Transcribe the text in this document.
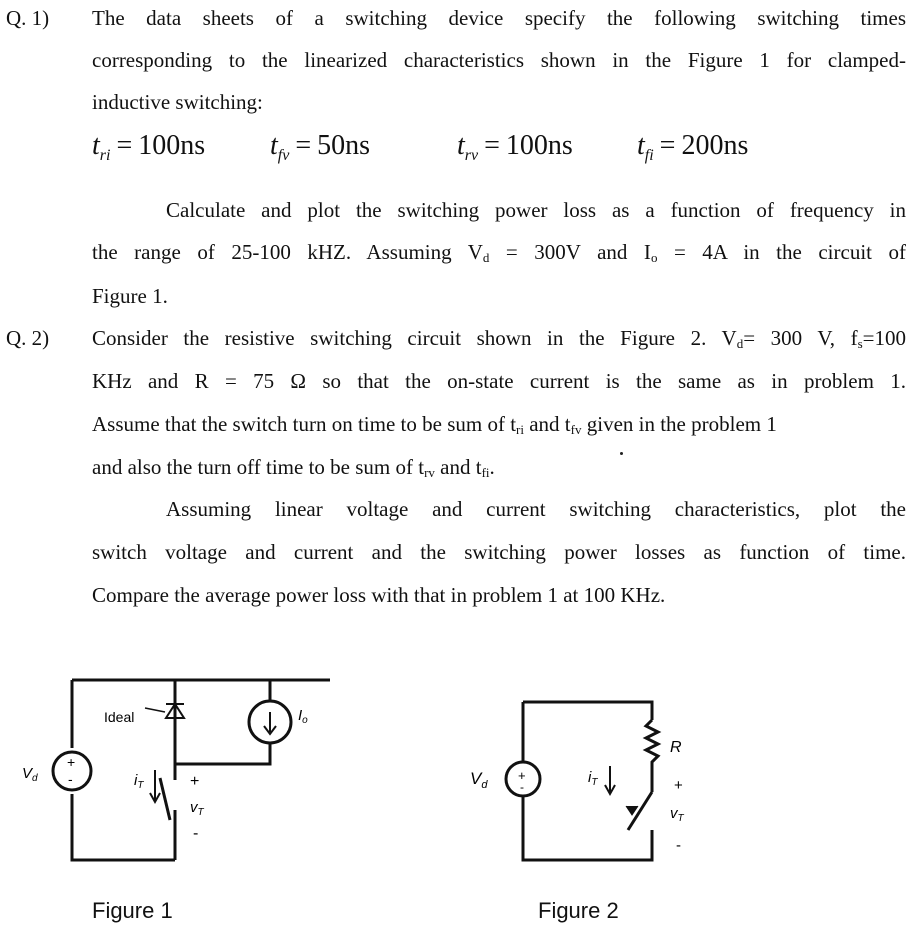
Q. 1) The data sheets of a switching device specify the following switching times
corresponding to the linearized characteristics shown in the Figure 1 for clamped-
inductive switching:
$t_{ri} = 100ns$ $t_{fv} = 50ns$	$t_{rv} = 100ns$ $t_{fi} = 200ns$
Calculate and plot the switching power loss as a function of frequency in
the range of 25-100 kHZ. Assuming $V_d = 300V$ and $I_o = 4A$ in the circuit of
Figure 1.
Q. 2) Consider the resistive switching circuit shown in the Figure 2. $V_d= 300$ V, $f_s=100$
KHz and R = 75 Ω so that the on-state current is the same as in problem 1.
Assume that the switch turn on time to be sum of $t_{ri}$ and $t_{fv}$ given in the problem 1
and also the turn off time to be sum of $t_{rv}$ and $t_{fi}$.
Assuming linear voltage and current switching characteristics, plot the
switch voltage and current and the switching power losses as function of time.
Compare the average power loss with that in problem 1 at 100 KHz.
+
-
$V_d$
Ideal	$I_o$
$i_T$	+
$v_T$
-
Figure 1
+
-
$V_d$
R
$i_T$	+
$v_T$
-
Figure 2
